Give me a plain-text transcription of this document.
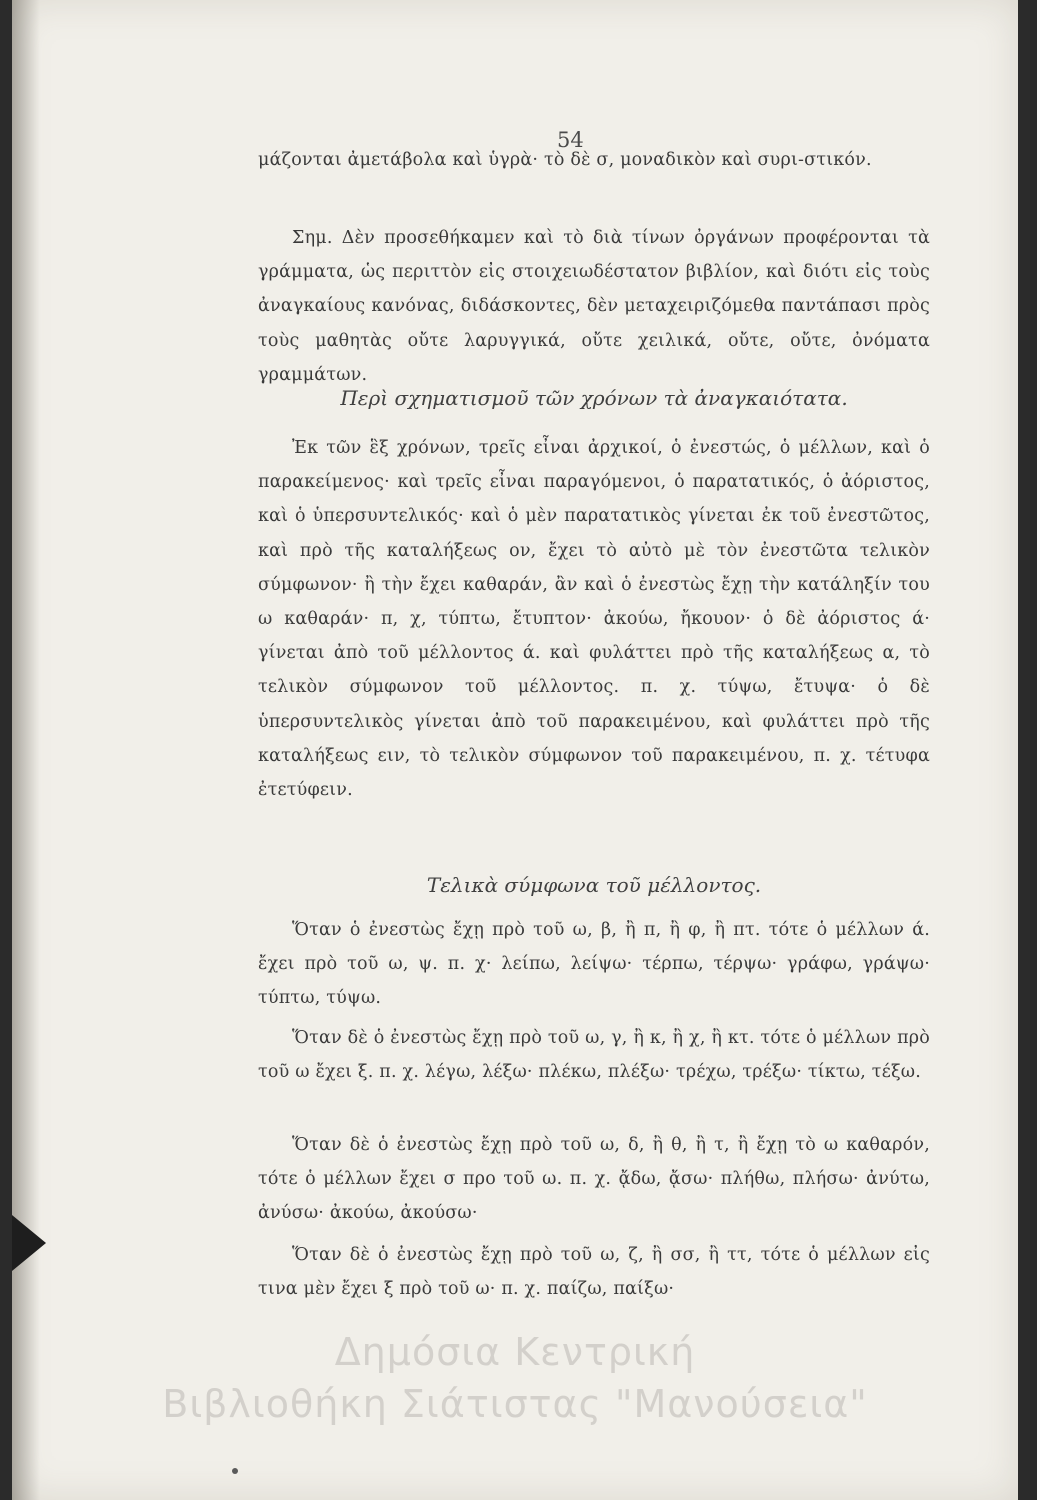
54

μάζονται ἀμετάβολα καὶ ὑγρὰ· τὸ δὲ σ, μοναδικὸν καὶ συρι-στικόν.

Σημ. Δὲν προσεθήκαμεν καὶ τὸ διὰ τίνων ὀργάνων προφέρονται τὰ γράμματα, ὡς περιττὸν εἰς στοιχειωδέστατον βιβλίον, καὶ διότι εἰς τοὺς ἀναγκαίους κανόνας, διδάσκοντες, δὲν μεταχειριζόμεθα παντάπασι πρὸς τοὺς μαθητὰς οὔτε λαρυγγικά, οὔτε χειλικά, οὔτε, οὔτε, ὀνόματα γραμμάτων.

Περὶ σχηματισμοῦ τῶν χρόνων τὰ ἀναγκαιότατα.

Ἐκ τῶν ἓξ χρόνων, τρεῖς εἶναι ἀρχικοί, ὁ ἐνεστώς, ὁ μέλλων, καὶ ὁ παρακείμενος· καὶ τρεῖς εἶναι παραγόμενοι, ὁ παρατατικός, ὁ ἀόριστος, καὶ ὁ ὑπερσυντελικός· καὶ ὁ μὲν παρατατικὸς γίνεται ἐκ τοῦ ἐνεστῶτος, καὶ πρὸ τῆς καταλήξεως ον, ἔχει τὸ αὐτὸ μὲ τὸν ἐνεστῶτα τελικὸν σύμφωνον· ἢ τὴν ἔχει καθαράν, ἂν καὶ ὁ ἐνεστὼς ἔχῃ τὴν κατάληξίν του ω καθαράν· π, χ, τύπτω, ἔτυπτον· ἀκούω, ἤκουον· ὁ δὲ ἀόριστος ά· γίνεται ἀπὸ τοῦ μέλλοντος ά. καὶ φυλάττει πρὸ τῆς καταλήξεως α, τὸ τελικὸν σύμφωνον τοῦ μέλλοντος. π. χ. τύψω, ἔτυψα· ὁ δὲ ὑπερσυντελικὸς γίνεται ἀπὸ τοῦ παρακειμένου, καὶ φυλάττει πρὸ τῆς καταλήξεως ειν, τὸ τελικὸν σύμφωνον τοῦ παρακειμένου, π. χ. τέτυφα ἐτετύφειν.

Τελικὰ σύμφωνα τοῦ μέλλοντος.

Ὅταν ὁ ἐνεστὼς ἔχῃ πρὸ τοῦ ω, β, ἢ π, ἢ φ, ἢ πτ. τότε ὁ μέλλων ά. ἔχει πρὸ τοῦ ω, ψ. π. χ· λείπω, λείψω· τέρπω, τέρψω· γράφω, γράψω· τύπτω, τύψω.

Ὅταν δὲ ὁ ἐνεστὼς ἔχῃ πρὸ τοῦ ω, γ, ἢ κ, ἢ χ, ἢ κτ. τότε ὁ μέλλων πρὸ τοῦ ω ἔχει ξ. π. χ. λέγω, λέξω· πλέκω, πλέξω· τρέχω, τρέξω· τίκτω, τέξω.

Ὅταν δὲ ὁ ἐνεστὼς ἔχῃ πρὸ τοῦ ω, δ, ἢ θ, ἢ τ, ἢ ἔχῃ τὸ ω καθαρόν, τότε ὁ μέλλων ἔχει σ προ τοῦ ω. π. χ. ᾄδω, ᾄσω· πλήθω, πλήσω· ἀνύτω, ἀνύσω· ἀκούω, ἀκούσω·

Ὅταν δὲ ὁ ἐνεστὼς ἔχῃ πρὸ τοῦ ω, ζ, ἢ σσ, ἢ ττ, τότε ὁ μέλλων εἰς τινα μὲν ἔχει ξ πρὸ τοῦ ω· π. χ. παίζω, παίξω·

Δημόσια Κεντρική

Βιβλιοθήκη Σιάτιστας "Μανούσεια"
